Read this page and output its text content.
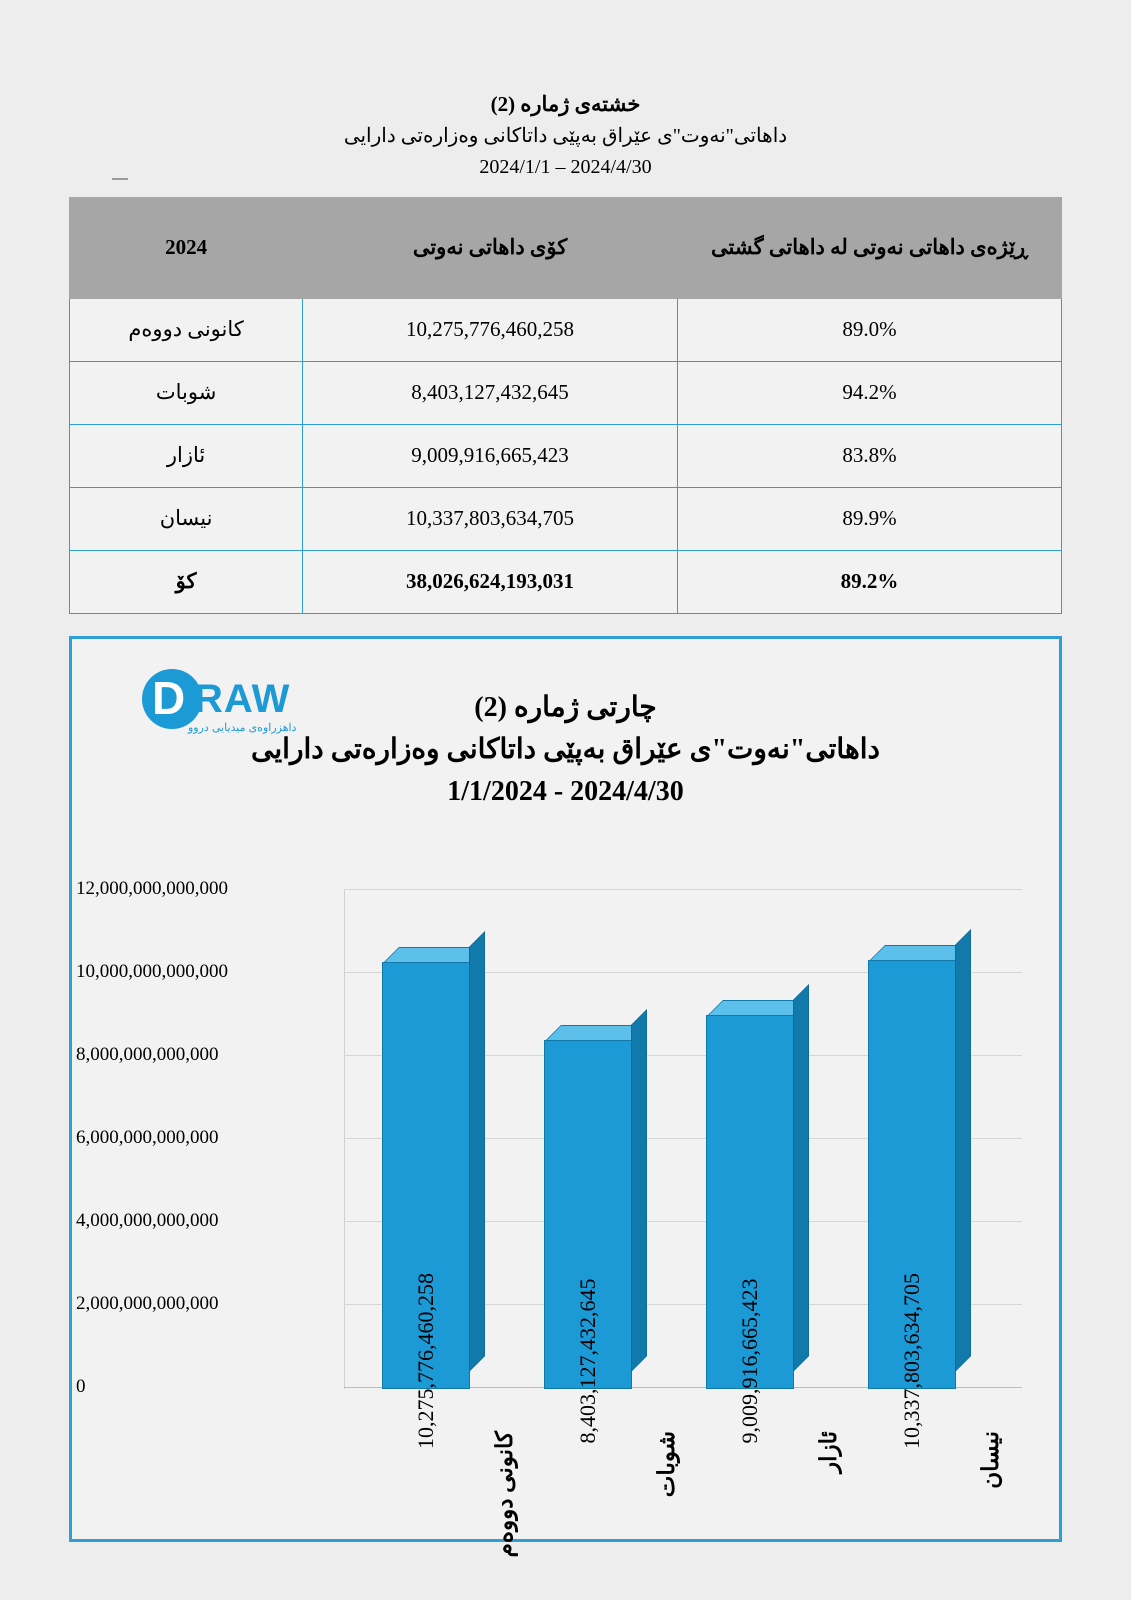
خشتەی ژماره (2)
داهاتی"نەوت"ى عێراق بەپێی داتاکانی وەزارەتی دارایی
2024/4/30 – 2024/1/1
ڕێژەی داهاتی نەوتی لە داهاتی گشتی	کۆی داهاتی نەوتی	2024
89.0%	10,275,776,460,258	کانونی دووەم
94.2%	8,403,127,432,645	شوبات
83.8%	9,009,916,665,423	ئازار
89.9%	10,337,803,634,705	نیسان
89.2%	38,026,624,193,031	کۆ
D RAW
داهزراوەی میدیایی دروو
چارتی ژماره (2)
داهاتی"نەوت"ى عێراق بەپێی داتاکانی وەزارەتی دارایی
2024/4/30 - 1/1/2024
12,000,000,000,000
10,000,000,000,000
8,000,000,000,000
6,000,000,000,000
4,000,000,000,000
2,000,000,000,000
0	10,275,776,460,258	8,403,127,432,645	9,009,916,665,423	10,337,803,634,705
کانونی دووەم	شوبات	ئازار	نیسان
